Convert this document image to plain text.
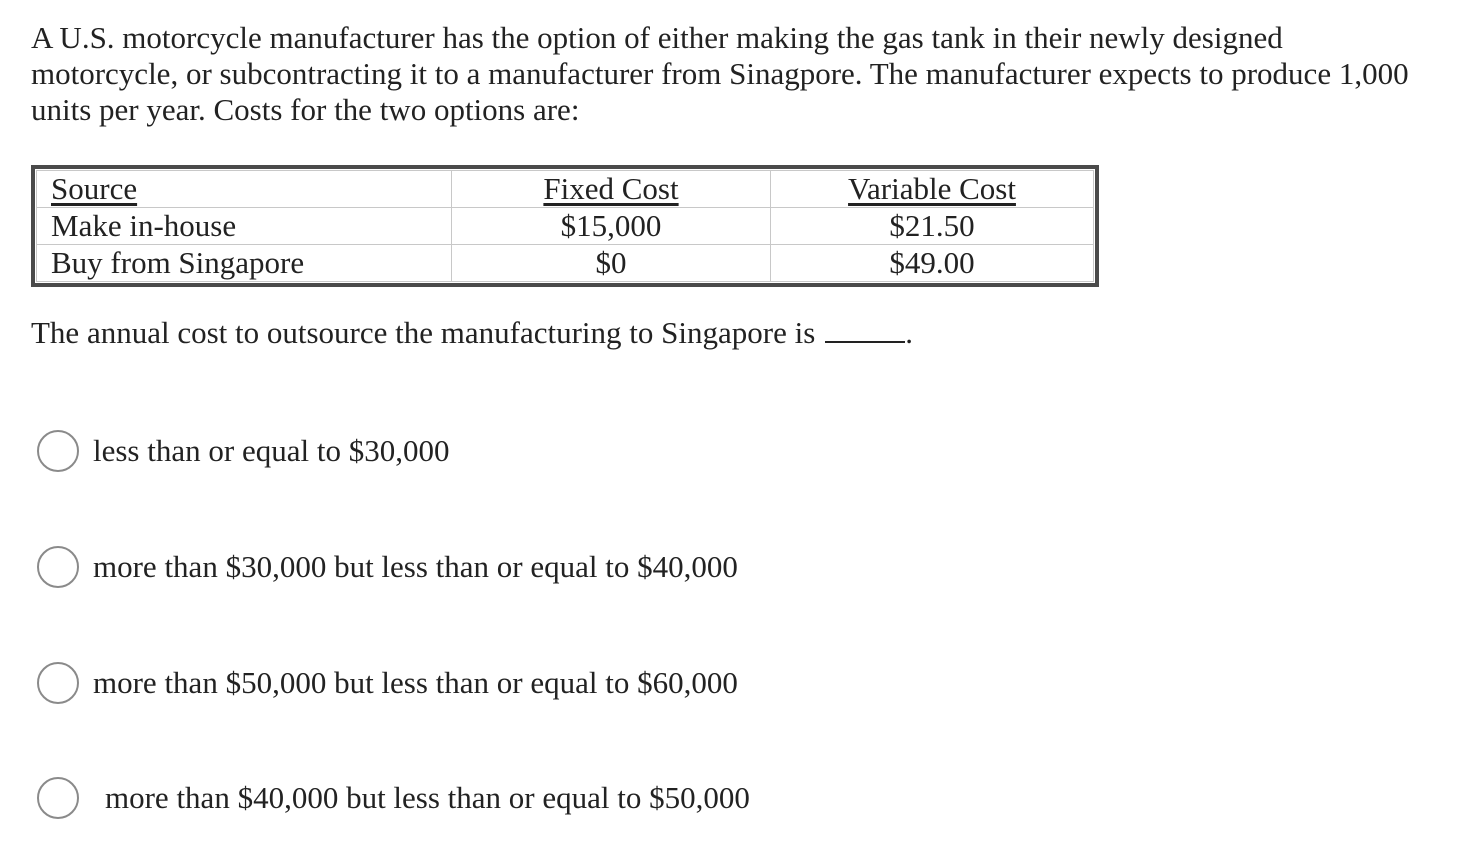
A U.S. motorcycle manufacturer has the option of either making the gas tank in their newly designed motorcycle, or subcontracting it to a manufacturer from Sinagpore. The manufacturer expects to produce 1,000 units per year. Costs for the two options are:

Source	Fixed Cost	Variable Cost
Make in-house	$15,000	$21.50
Buy from Singapore	$0	$49.00

The annual cost to outsource the manufacturing to Singapore is	.

less than or equal to $30,000
more than $30,000 but less than or equal to $40,000
more than $50,000 but less than or equal to $60,000
more than $40,000 but less than or equal to $50,000
